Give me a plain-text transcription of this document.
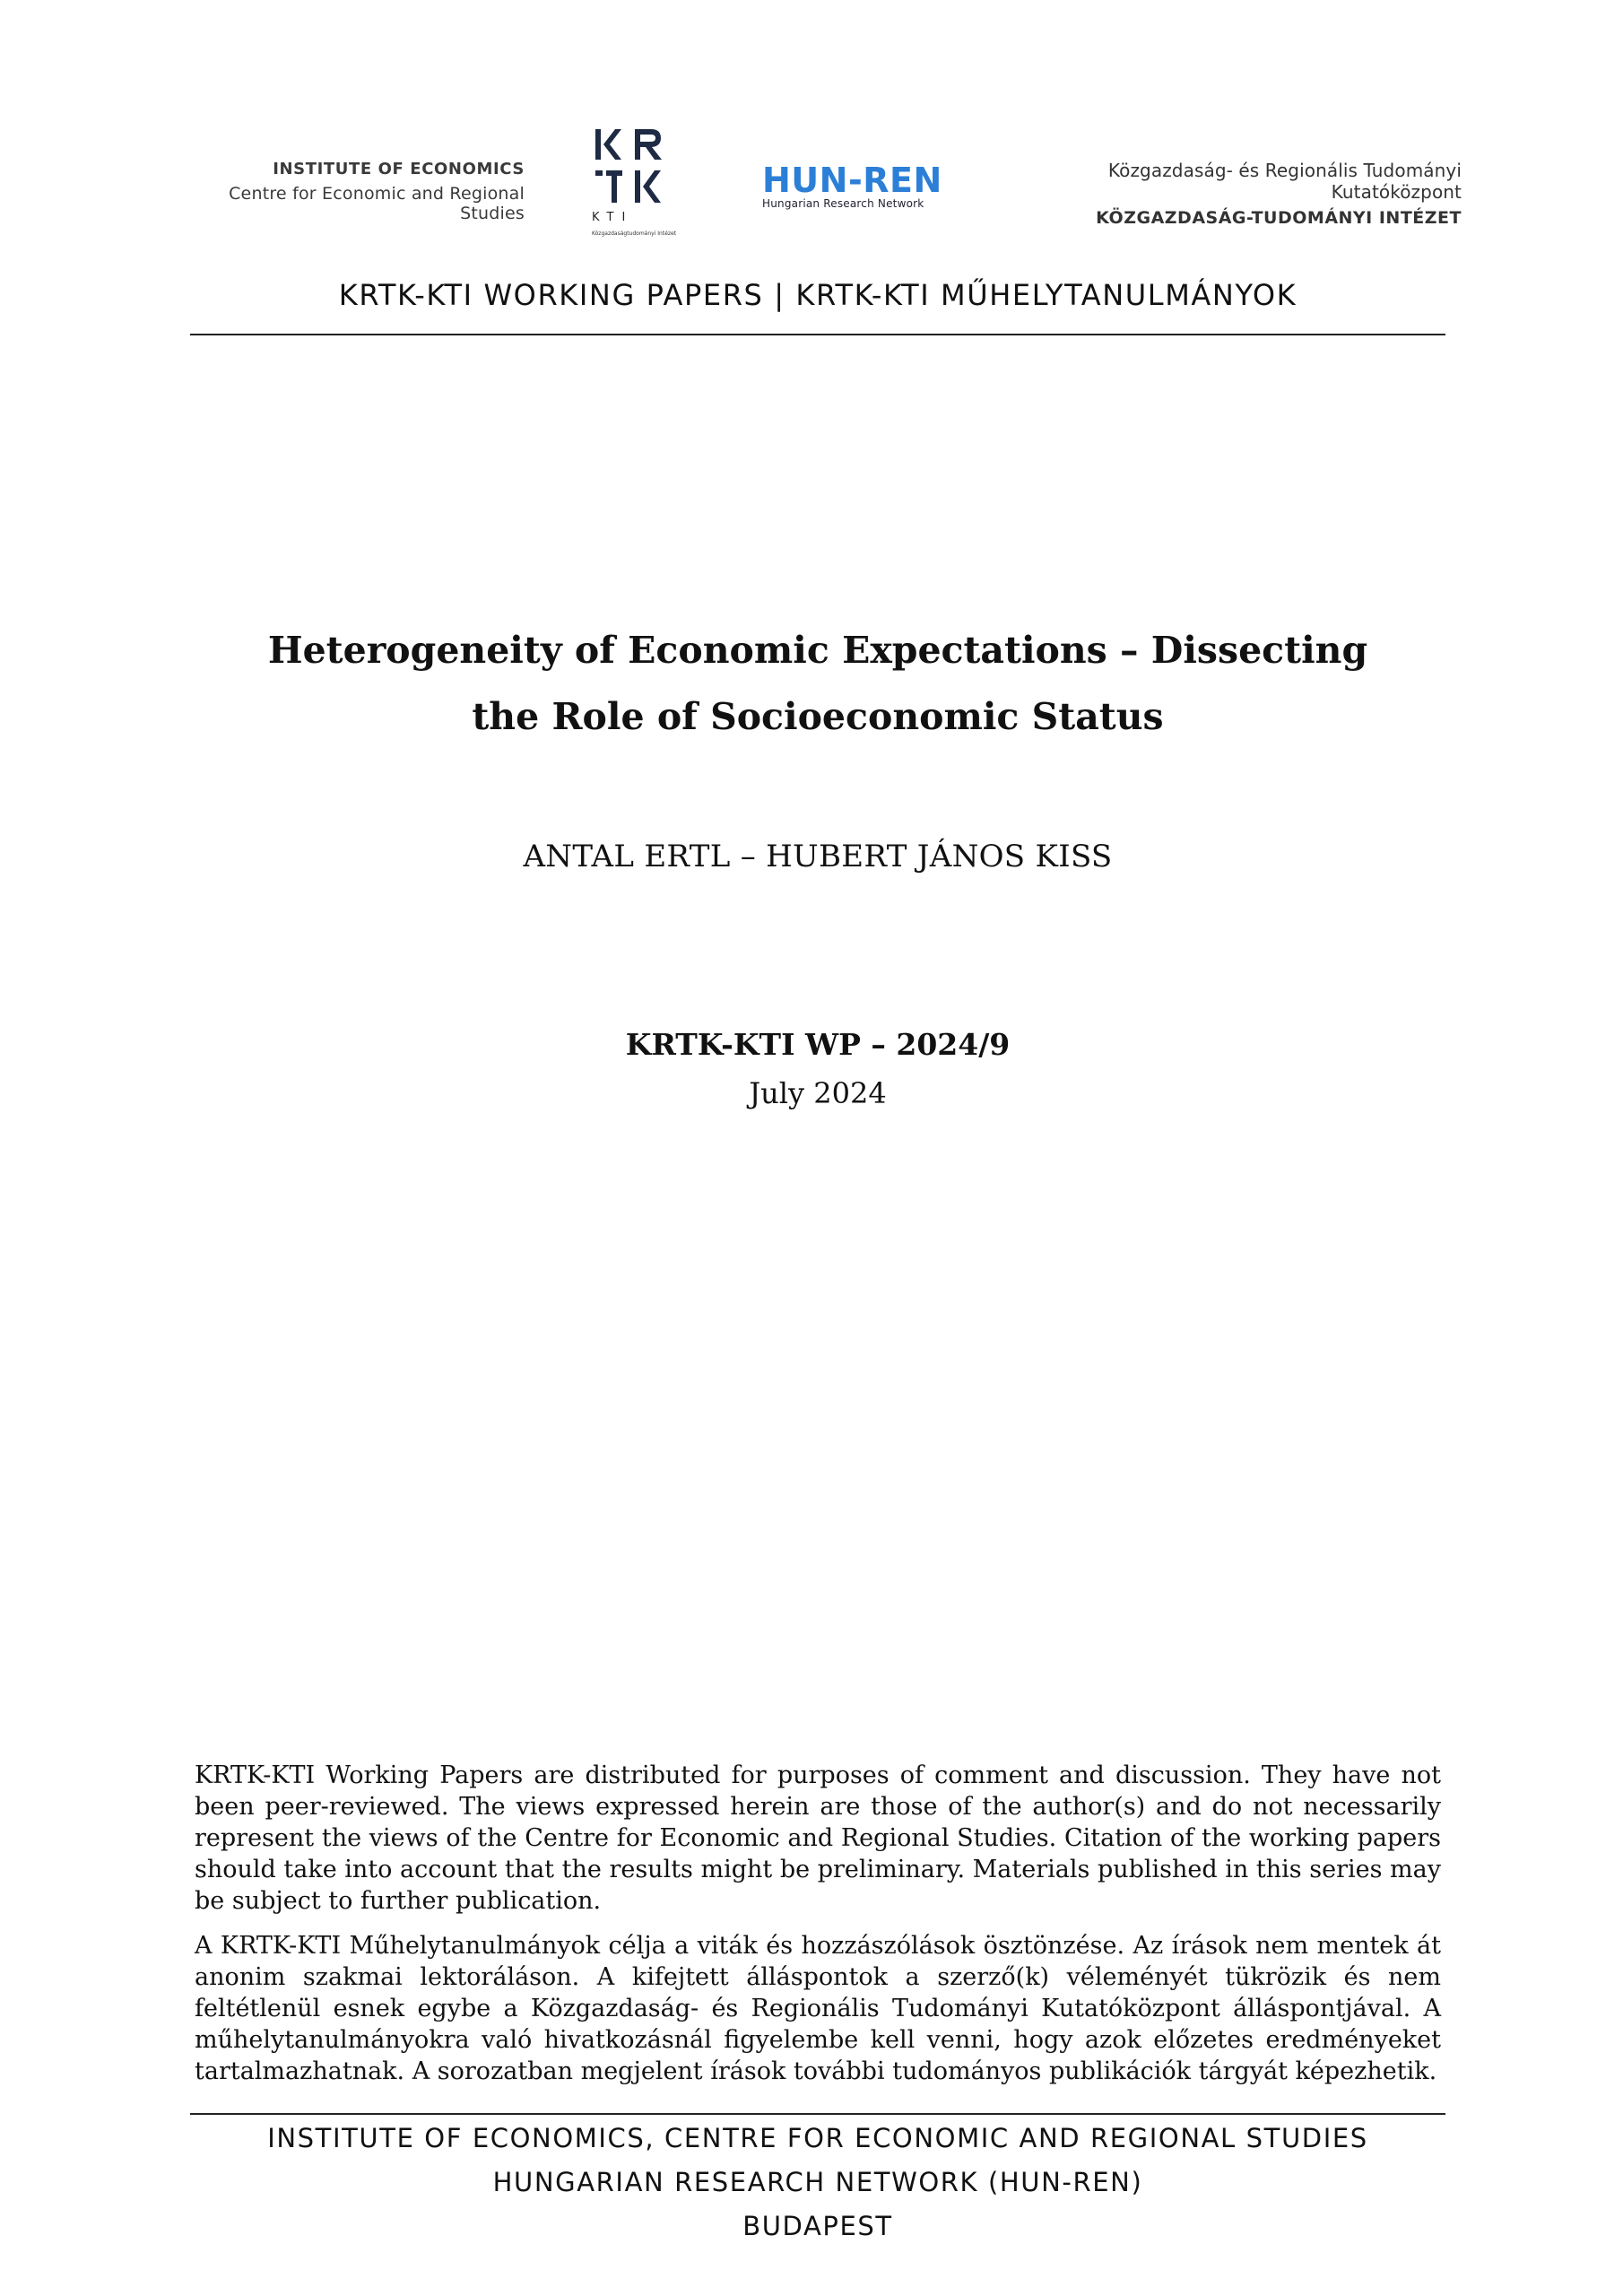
INSTITUTE OF ECONOMICS
Centre for Economic and Regional Studies	KTI
Közgazdaságtudományi Intézet
HUN-REN
Hungarian Research Network
Közgazdaság- és Regionális Tudományi Kutatóközpont
KÖZGAZDASÁG-TUDOMÁNYI INTÉZET
KRTK-KTI WORKING PAPERS | KRTK-KTI MŰHELYTANULMÁNYOK
Heterogeneity of Economic Expectations – Dissecting
the Role of Socioeconomic Status
ANTAL ERTL – HUBERT JÁNOS KISS
KRTK-KTI WP – 2024/9
July 2024
KRTK-KTI Working Papers are distributed for purposes of comment and discussion. They have not been peer-reviewed. The views expressed herein are those of the author(s) and do not necessarily represent the views of the Centre for Economic and Regional Studies. Citation of the working papers should take into account that the results might be preliminary. Materials published in this series may be subject to further publication.
A KRTK-KTI Műhelytanulmányok célja a viták és hozzászólások ösztönzése. Az írások nem mentek át anonim szakmai lektoráláson. A kifejtett álláspontok a szerző(k) véleményét tükrözik és nem feltétlenül esnek egybe a Közgazdaság- és Regionális Tudományi Kutatóközpont álláspontjával. A műhelytanulmányokra való hivatkozásnál figyelembe kell venni, hogy azok előzetes eredményeket tartalmazhatnak. A sorozatban megjelent írások további tudományos publikációk tárgyát képezhetik.
INSTITUTE OF ECONOMICS, CENTRE FOR ECONOMIC AND REGIONAL STUDIES
HUNGARIAN RESEARCH NETWORK (HUN-REN)
BUDAPEST
